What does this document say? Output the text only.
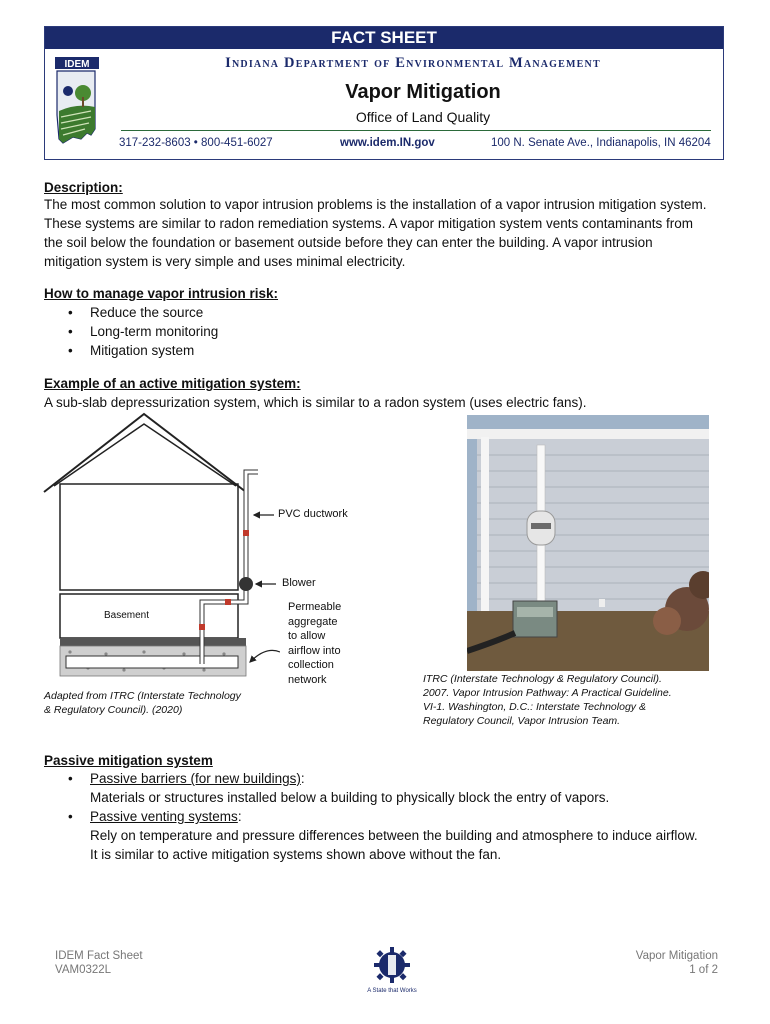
FACT SHEET
IDEM	Indiana Department of Environmental Management
Vapor Mitigation
Office of Land Quality
317-232-8603 • 800-451-6027	www.idem.IN.gov	100 N. Senate Ave., Indianapolis, IN 46204
Description:
The most common solution to vapor intrusion problems is the installation of a vapor intrusion mitigation system.
These systems are similar to radon remediation systems. A vapor mitigation system vents contaminants from
the soil below the foundation or basement outside before they can enter the building. A vapor intrusion
mitigation system is very simple and uses minimal electricity.
How to manage vapor intrusion risk:
• Reduce the source
• Long-term monitoring
• Mitigation system
Example of an active mitigation system:
A sub-slab depressurization system, which is similar to a radon system (uses electric fans).
PVC ductwork
Blower
Basement
Permeable
aggregate
to allow
airflow into
collection
network
Adapted from ITRC (Interstate Technology
& Regulatory Council). (2020)
ITRC (Interstate Technology & Regulatory Council).
2007. Vapor Intrusion Pathway: A Practical Guideline.
VI-1. Washington, D.C.: Interstate Technology &
Regulatory Council, Vapor Intrusion Team.
Passive mitigation system
• Passive barriers (for new buildings):
Materials or structures installed below a building to physically block the entry of vapors.
• Passive venting systems:
Rely on temperature and pressure differences between the building and atmosphere to induce airflow.
It is similar to active mitigation systems shown above without the fan.
IDEM Fact Sheet
VAM0322L
A State that Works
Vapor Mitigation
1 of 2
